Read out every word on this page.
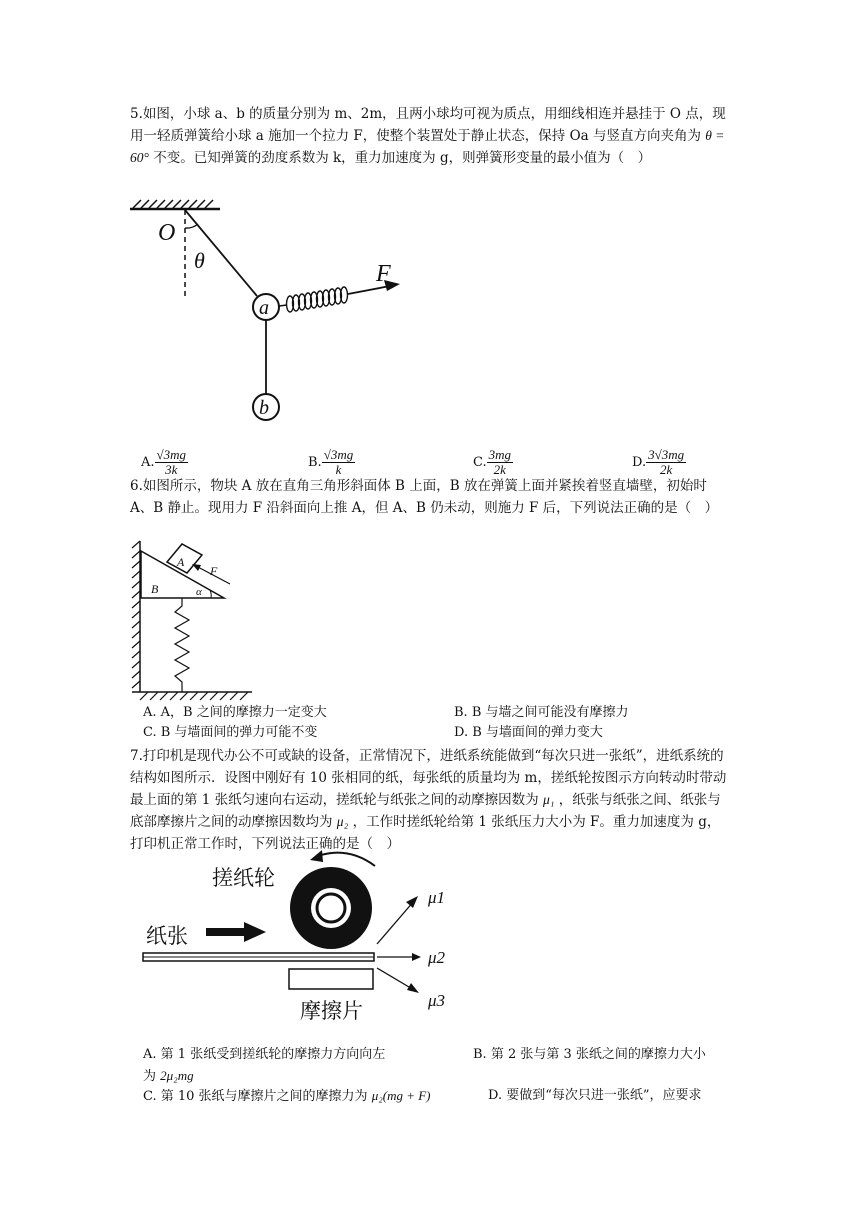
5.如图，小球 a、b 的质量分别为 m、2m，且两小球均可视为质点，用细线相连并悬挂于 O 点，现用一轻质弹簧给小球 a 施加一个拉力 F，使整个装置处于静止状态，保持 Oa 与竖直方向夹角为 θ = 60° 不变。已知弹簧的劲度系数为 k，重力加速度为 g，则弹簧形变量的最小值为（　）
O
θ
a
b
F
A. $\frac{√3mg}{3k}$	B. $\frac{√3mg}{k}$	C. $\frac{3mg}{2k}$	D. $\frac{3√3mg}{2k}$
6.如图所示，物块 A 放在直角三角形斜面体 B 上面，B 放在弹簧上面并紧挨着竖直墙壁，初始时 A、B 静止。现用力 F 沿斜面向上推 A，但 A、B 仍未动，则施力 F 后，下列说法正确的是（　）
B	α
A
F
A. A，B 之间的摩擦力一定变大	B. B 与墙之间可能没有摩擦力
C. B 与墙面间的弹力可能不变	D. B 与墙面间的弹力变大
7.打印机是现代办公不可或缺的设备，正常情况下，进纸系统能做到“每次只进一张纸”，进纸系统的结构如图所示．设图中刚好有 10 张相同的纸，每张纸的质量均为 m，搓纸轮按图示方向转动时带动最上面的第 1 张纸匀速向右运动，搓纸轮与纸张之间的动摩擦因数为 μ₁ ，纸张与纸张之间、纸张与底部摩擦片之间的动摩擦因数均为 μ₂ ，工作时搓纸轮给第 1 张纸压力大小为 F。重力加速度为 g，打印机正常工作时，下列说法正确的是（　）
搓纸轮
纸张
摩擦片
μ1
μ2
μ3
A. 第 1 张纸受到搓纸轮的摩擦力方向向左	B. 第 2 张与第 3 张纸之间的摩擦力大小
为 2μ₂mg
C. 第 10 张纸与摩擦片之间的摩擦力为 μ₂(mg + F)	D. 要做到“每次只进一张纸”，应要求
